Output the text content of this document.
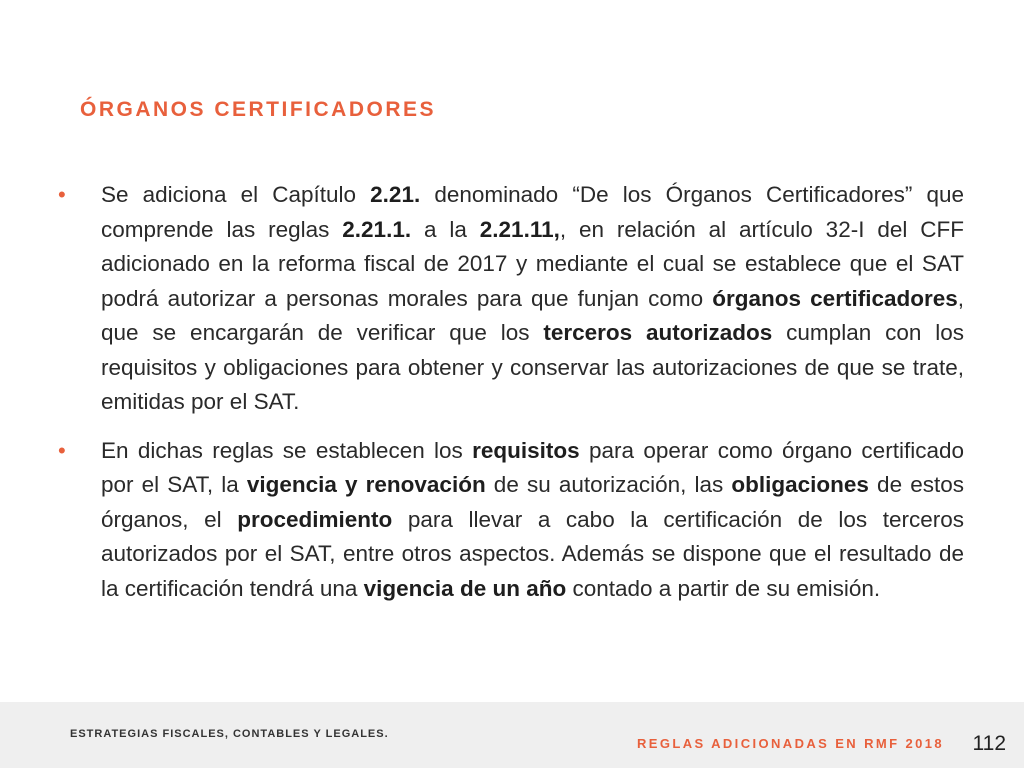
ÓRGANOS CERTIFICADORES
• Se adiciona el Capítulo 2.21. denominado “De los Órganos Certificadores” que comprende las reglas 2.21.1. a la 2.21.11,, en relación al artículo 32-I del CFF adicionado en la reforma fiscal de 2017 y mediante el cual se establece que el SAT podrá autorizar a personas morales para que funjan como órganos certificadores, que se encargarán de verificar que los terceros autorizados cumplan con los requisitos y obligaciones para obtener y conservar las autorizaciones de que se trate, emitidas por el SAT.
• En dichas reglas se establecen los requisitos para operar como órgano certificado por el SAT, la vigencia y renovación de su autorización, las obligaciones de estos órganos, el procedimiento para llevar a cabo la certificación de los terceros autorizados por el SAT, entre otros aspectos. Además se dispone que el resultado de la certificación tendrá una vigencia de un año contado a partir de su emisión.
ESTRATEGIAS FISCALES, CONTABLES Y LEGALES.
REGLAS ADICIONADAS EN RMF 2018 112
